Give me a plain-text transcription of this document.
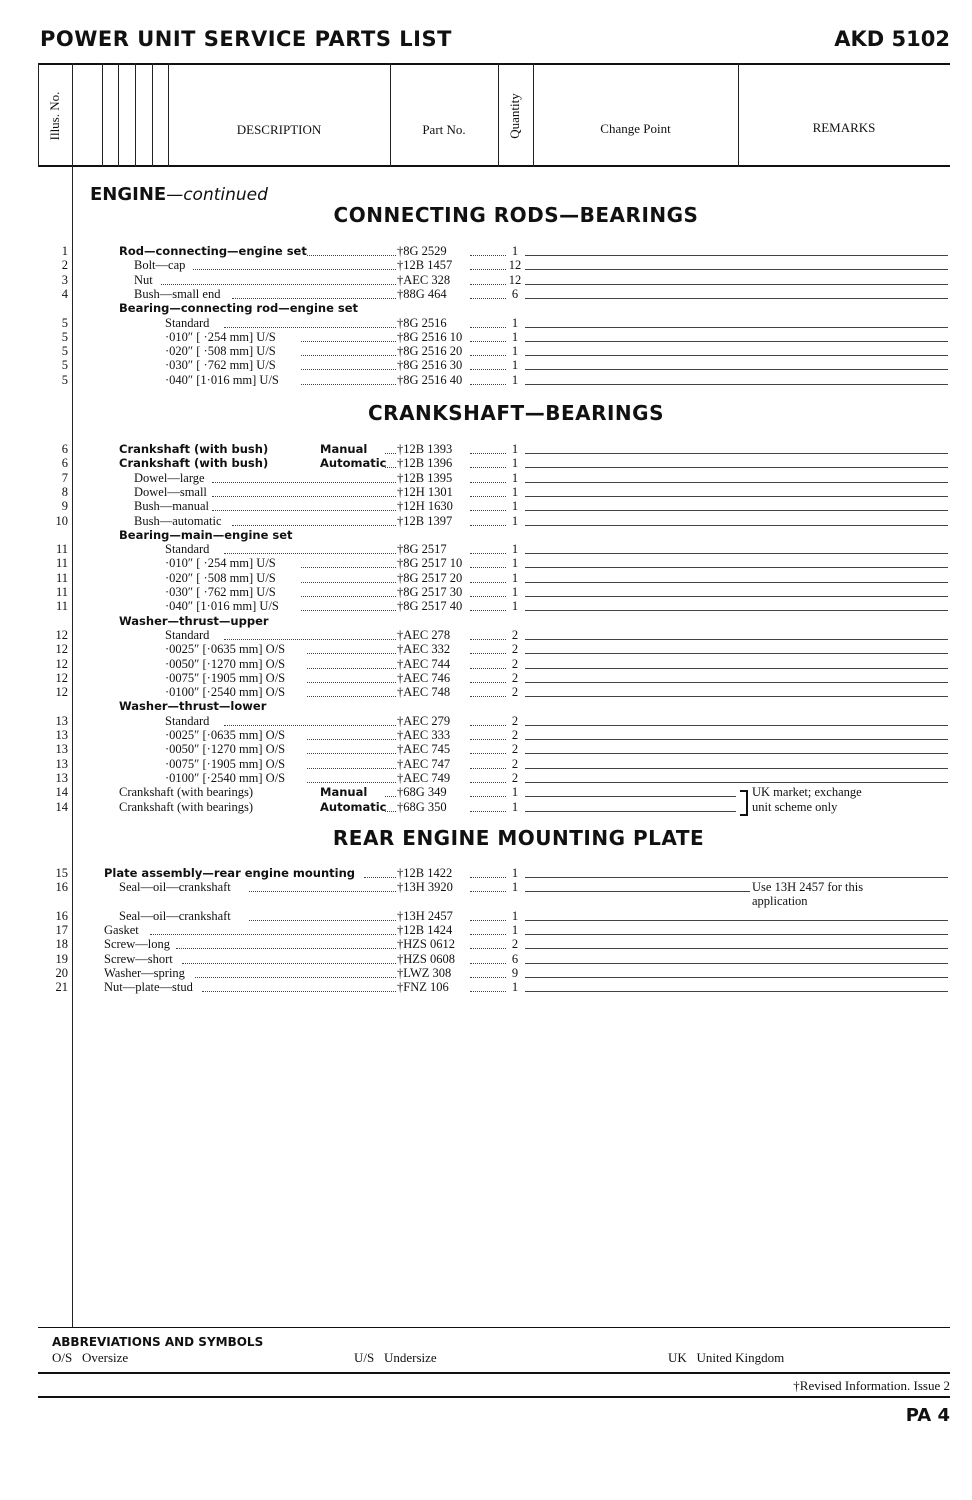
POWER UNIT SERVICE PARTS LIST	AKD 5102
Illus. No.	DESCRIPTION	Part No.	Quantity	Change Point	REMARKS
ENGINE—continued
CONNECTING RODS—BEARINGS
CRANKSHAFT—BEARINGS
REAR ENGINE MOUNTING PLATE
1	Rod—connecting—engine set	†8G 2529	1
2	Bolt—cap	†12B 1457	12
3	Nut	†AEC 328	12
4	Bush—small end	†88G 464	6
Bearing—connecting rod—engine set
5	Standard	†8G 2516	1
5	·010″ [ ·254 mm] U/S	†8G 2516 10	1
5	·020″ [ ·508 mm] U/S	†8G 2516 20	1
5	·030″ [ ·762 mm] U/S	†8G 2516 30	1
5	·040″ [1·016 mm] U/S	†8G 2516 40	1
6	Crankshaft (with bush)	Manual †12B 1393	1
6	Crankshaft (with bush)	Automatic †12B 1396	1
7	Dowel—large	†12B 1395	1
8	Dowel—small	†12H 1301	1
9	Bush—manual	†12H 1630	1
10	Bush—automatic	†12B 1397	1
Bearing—main—engine set
11	Standard	†8G 2517	1
11	·010″ [ ·254 mm] U/S	†8G 2517 10	1
11	·020″ [ ·508 mm] U/S	†8G 2517 20	1
11	·030″ [ ·762 mm] U/S	†8G 2517 30	1
11	·040″ [1·016 mm] U/S	†8G 2517 40	1
Washer—thrust—upper
12	Standard	†AEC 278	2
12	·0025″ [·0635 mm] O/S	†AEC 332	2
12	·0050″ [·1270 mm] O/S	†AEC 744	2
12	·0075″ [·1905 mm] O/S	†AEC 746	2
12	·0100″ [·2540 mm] O/S	†AEC 748	2
Washer—thrust—lower
13	Standard	†AEC 279	2
13	·0025″ [·0635 mm] O/S	†AEC 333	2
13	·0050″ [·1270 mm] O/S	†AEC 745	2
13	·0075″ [·1905 mm] O/S	†AEC 747	2
13	·0100″ [·2540 mm] O/S	†AEC 749	2
14	Crankshaft (with bearings)	Manual †68G 349	1	UK market; exchange
14	Crankshaft (with bearings)	Automatic †68G 350	1	unit scheme only
15	Plate assembly—rear engine mounting	†12B 1422	1
16	Seal—oil—crankshaft	†13H 3920	1	Use 13H 2457 for this
application
16	Seal—oil—crankshaft	†13H 2457	1
17	Gasket	†12B 1424	1
18	Screw—long	†HZS 0612	2
19	Screw—short	†HZS 0608	6
20	Washer—spring	†LWZ 308	9
21	Nut—plate—stud	†FNZ 106	1
ABBREVIATIONS AND SYMBOLS
O/S Oversize	U/S Undersize	UK United Kingdom
†Revised Information. Issue 2
PA 4
